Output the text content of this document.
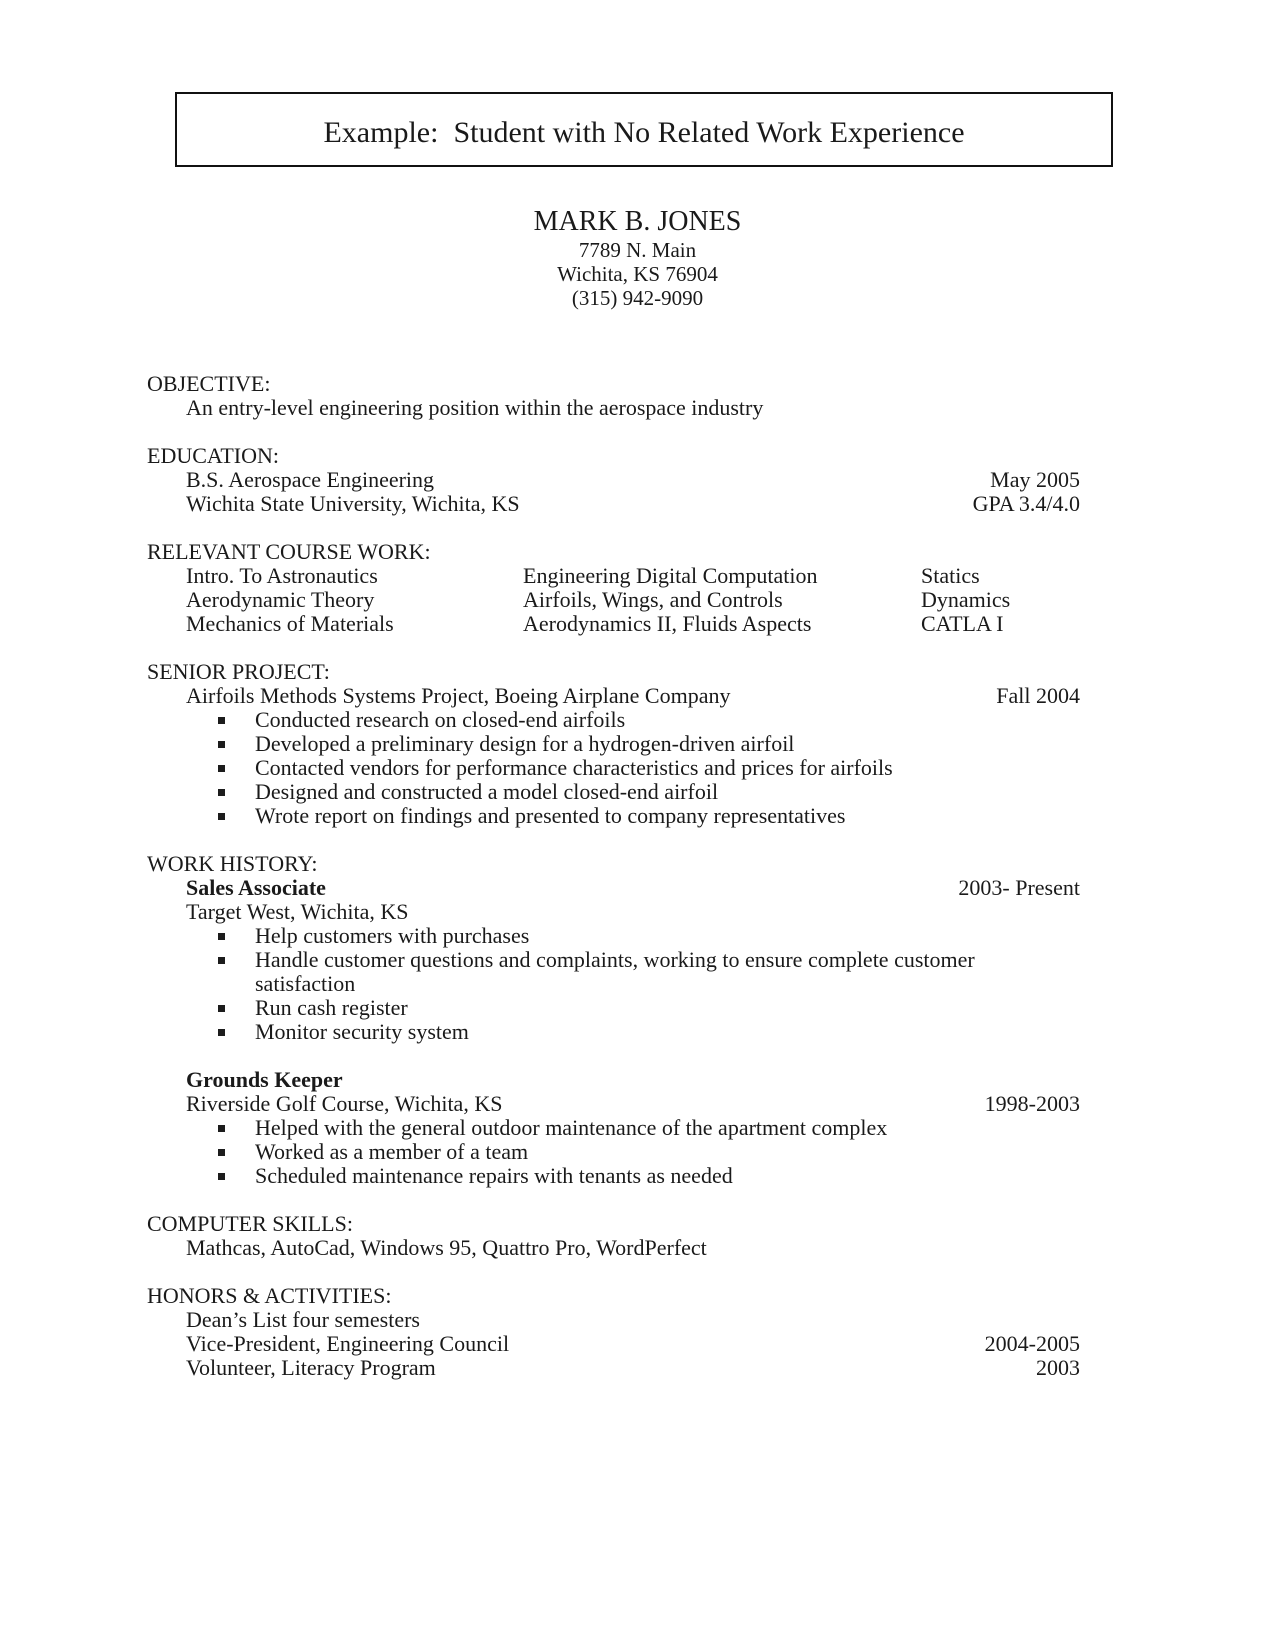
Example:  Student with No Related Work Experience
MARK B. JONES
7789 N. Main
Wichita, KS 76904
(315) 942-9090
OBJECTIVE:
An entry-level engineering position within the aerospace industry
EDUCATION:
B.S. Aerospace Engineering	May 2005
Wichita State University, Wichita, KS	GPA 3.4/4.0
RELEVANT COURSE WORK:
Intro. To Astronautics	Engineering Digital Computation	Statics
Aerodynamic Theory	Airfoils, Wings, and Controls	Dynamics
Mechanics of Materials	Aerodynamics II, Fluids Aspects	CATLA I
SENIOR PROJECT:
Airfoils Methods Systems Project, Boeing Airplane Company	Fall 2004
Conducted research on closed-end airfoils
Developed a preliminary design for a hydrogen-driven airfoil
Contacted vendors for performance characteristics and prices for airfoils
Designed and constructed a model closed-end airfoil
Wrote report on findings and presented to company representatives
WORK HISTORY:
Sales Associate	2003- Present
Target West, Wichita, KS
Help customers with purchases
Handle customer questions and complaints, working to ensure complete customer
satisfaction
Run cash register
Monitor security system
Grounds Keeper
Riverside Golf Course, Wichita, KS	1998-2003
Helped with the general outdoor maintenance of the apartment complex
Worked as a member of a team
Scheduled maintenance repairs with tenants as needed
COMPUTER SKILLS:
Mathcas, AutoCad, Windows 95, Quattro Pro, WordPerfect
HONORS & ACTIVITIES:
Dean’s List four semesters
Vice-President, Engineering Council	2004-2005
Volunteer, Literacy Program	2003
